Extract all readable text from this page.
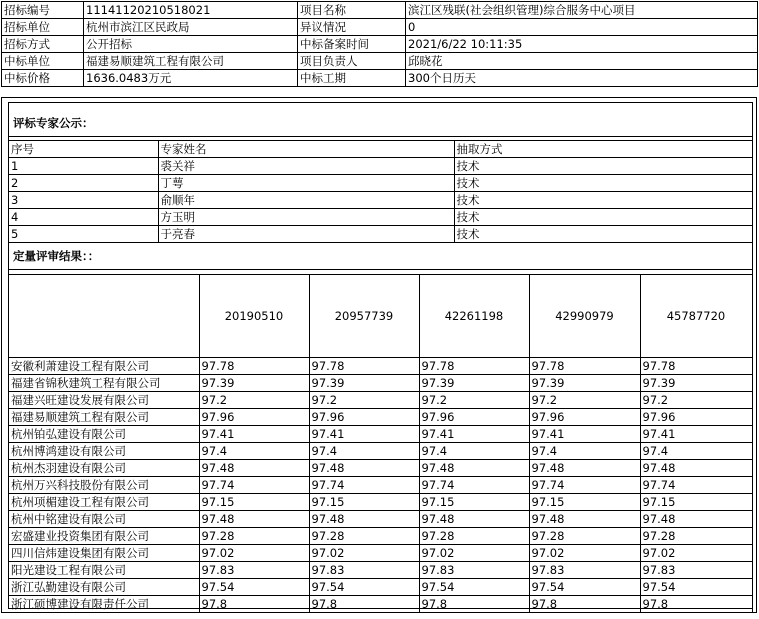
招标编号	11141120210518021	项目名称	滨江区残联(社会组织管理)综合服务中心项目
招标单位	杭州市滨江区民政局	异议情况	0
招标方式	公开招标	中标备案时间	2021/6/22 10:11:35
中标单位	福建易顺建筑工程有限公司	项目负责人	邱晓花
中标价格	1636.0483万元	中标工期	300个日历天
评标专家公示：
序号	专家姓名	抽取方式
1	裘关祥	技术
2	丁萼	技术
3	俞顺年	技术
4	方玉明	技术
5	于亮春	技术
定量评审结果：：
	20190510	20957739	42261198	42990979	45787720
安徽利萧建设工程有限公司	97.78	97.78	97.78	97.78	97.78
福建省锦秋建筑工程有限公司	97.39	97.39	97.39	97.39	97.39
福建兴旺建设发展有限公司	97.2	97.2	97.2	97.2	97.2
福建易顺建筑工程有限公司	97.96	97.96	97.96	97.96	97.96
杭州铂弘建设有限公司	97.41	97.41	97.41	97.41	97.41
杭州博鸿建设有限公司	97.4	97.4	97.4	97.4	97.4
杭州杰羽建设有限公司	97.48	97.48	97.48	97.48	97.48
杭州万兴科技股份有限公司	97.74	97.74	97.74	97.74	97.74
杭州项楣建设工程有限公司	97.15	97.15	97.15	97.15	97.15
杭州中铭建设有限公司	97.48	97.48	97.48	97.48	97.48
宏盛建业投资集团有限公司	97.28	97.28	97.28	97.28	97.28
四川信炜建设集团有限公司	97.02	97.02	97.02	97.02	97.02
阳光建设工程有限公司	97.83	97.83	97.83	97.83	97.83
浙江弘勤建设有限公司	97.54	97.54	97.54	97.54	97.54
浙江硕博建设有限责任公司	97.8	97.8	97.8	97.8	97.8
